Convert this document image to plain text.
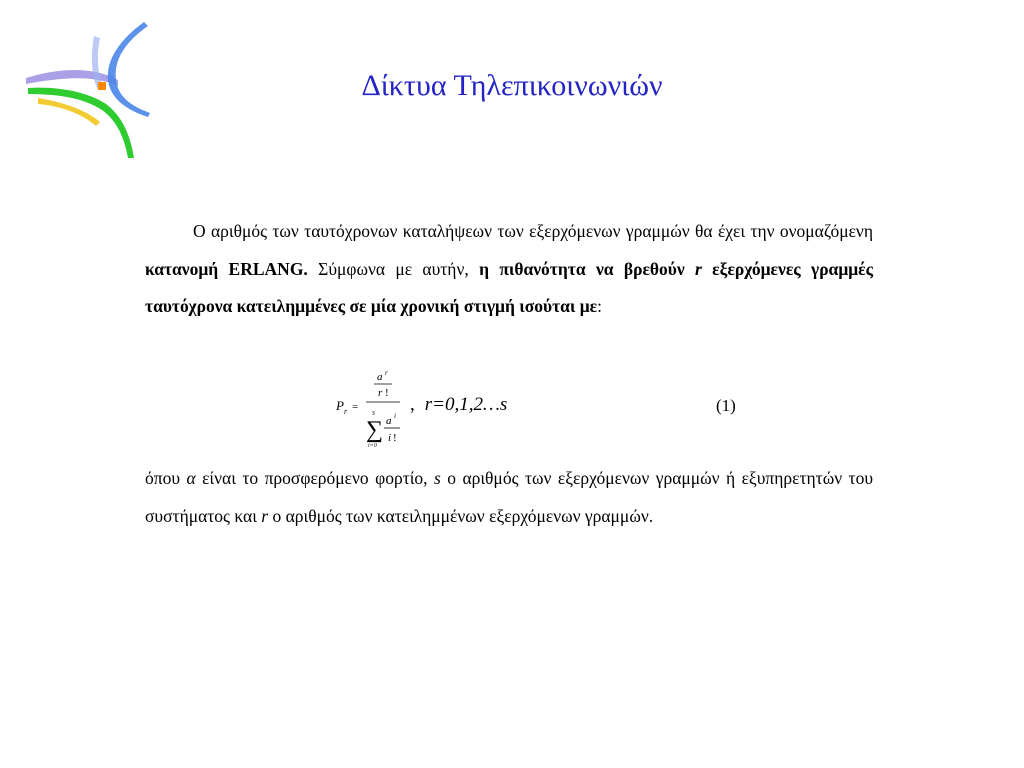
Δίκτυα Τηλεπικοινωνιών

Ο αριθμός των ταυτόχρονων καταλήψεων των εξερχόμενων γραμμών θα έχει την ονομαζόμενη κατανομή ERLANG. Σύμφωνα με αυτήν, η πιθανότητα να βρεθούν r εξερχόμενες γραμμές ταυτόχρονα κατειλημμένες σε μία χρονική στιγμή ισούται με:

P r =
a r
r !
S
∑
i=0
a i
i !
, r=0,1,2…s	(1)

όπου α είναι το προσφερόμενο φορτίο, s ο αριθμός των εξερχόμενων γραμμών ή εξυπηρετητών του συστήματος και r ο αριθμός των κατειλημμένων εξερχόμενων γραμμών.
